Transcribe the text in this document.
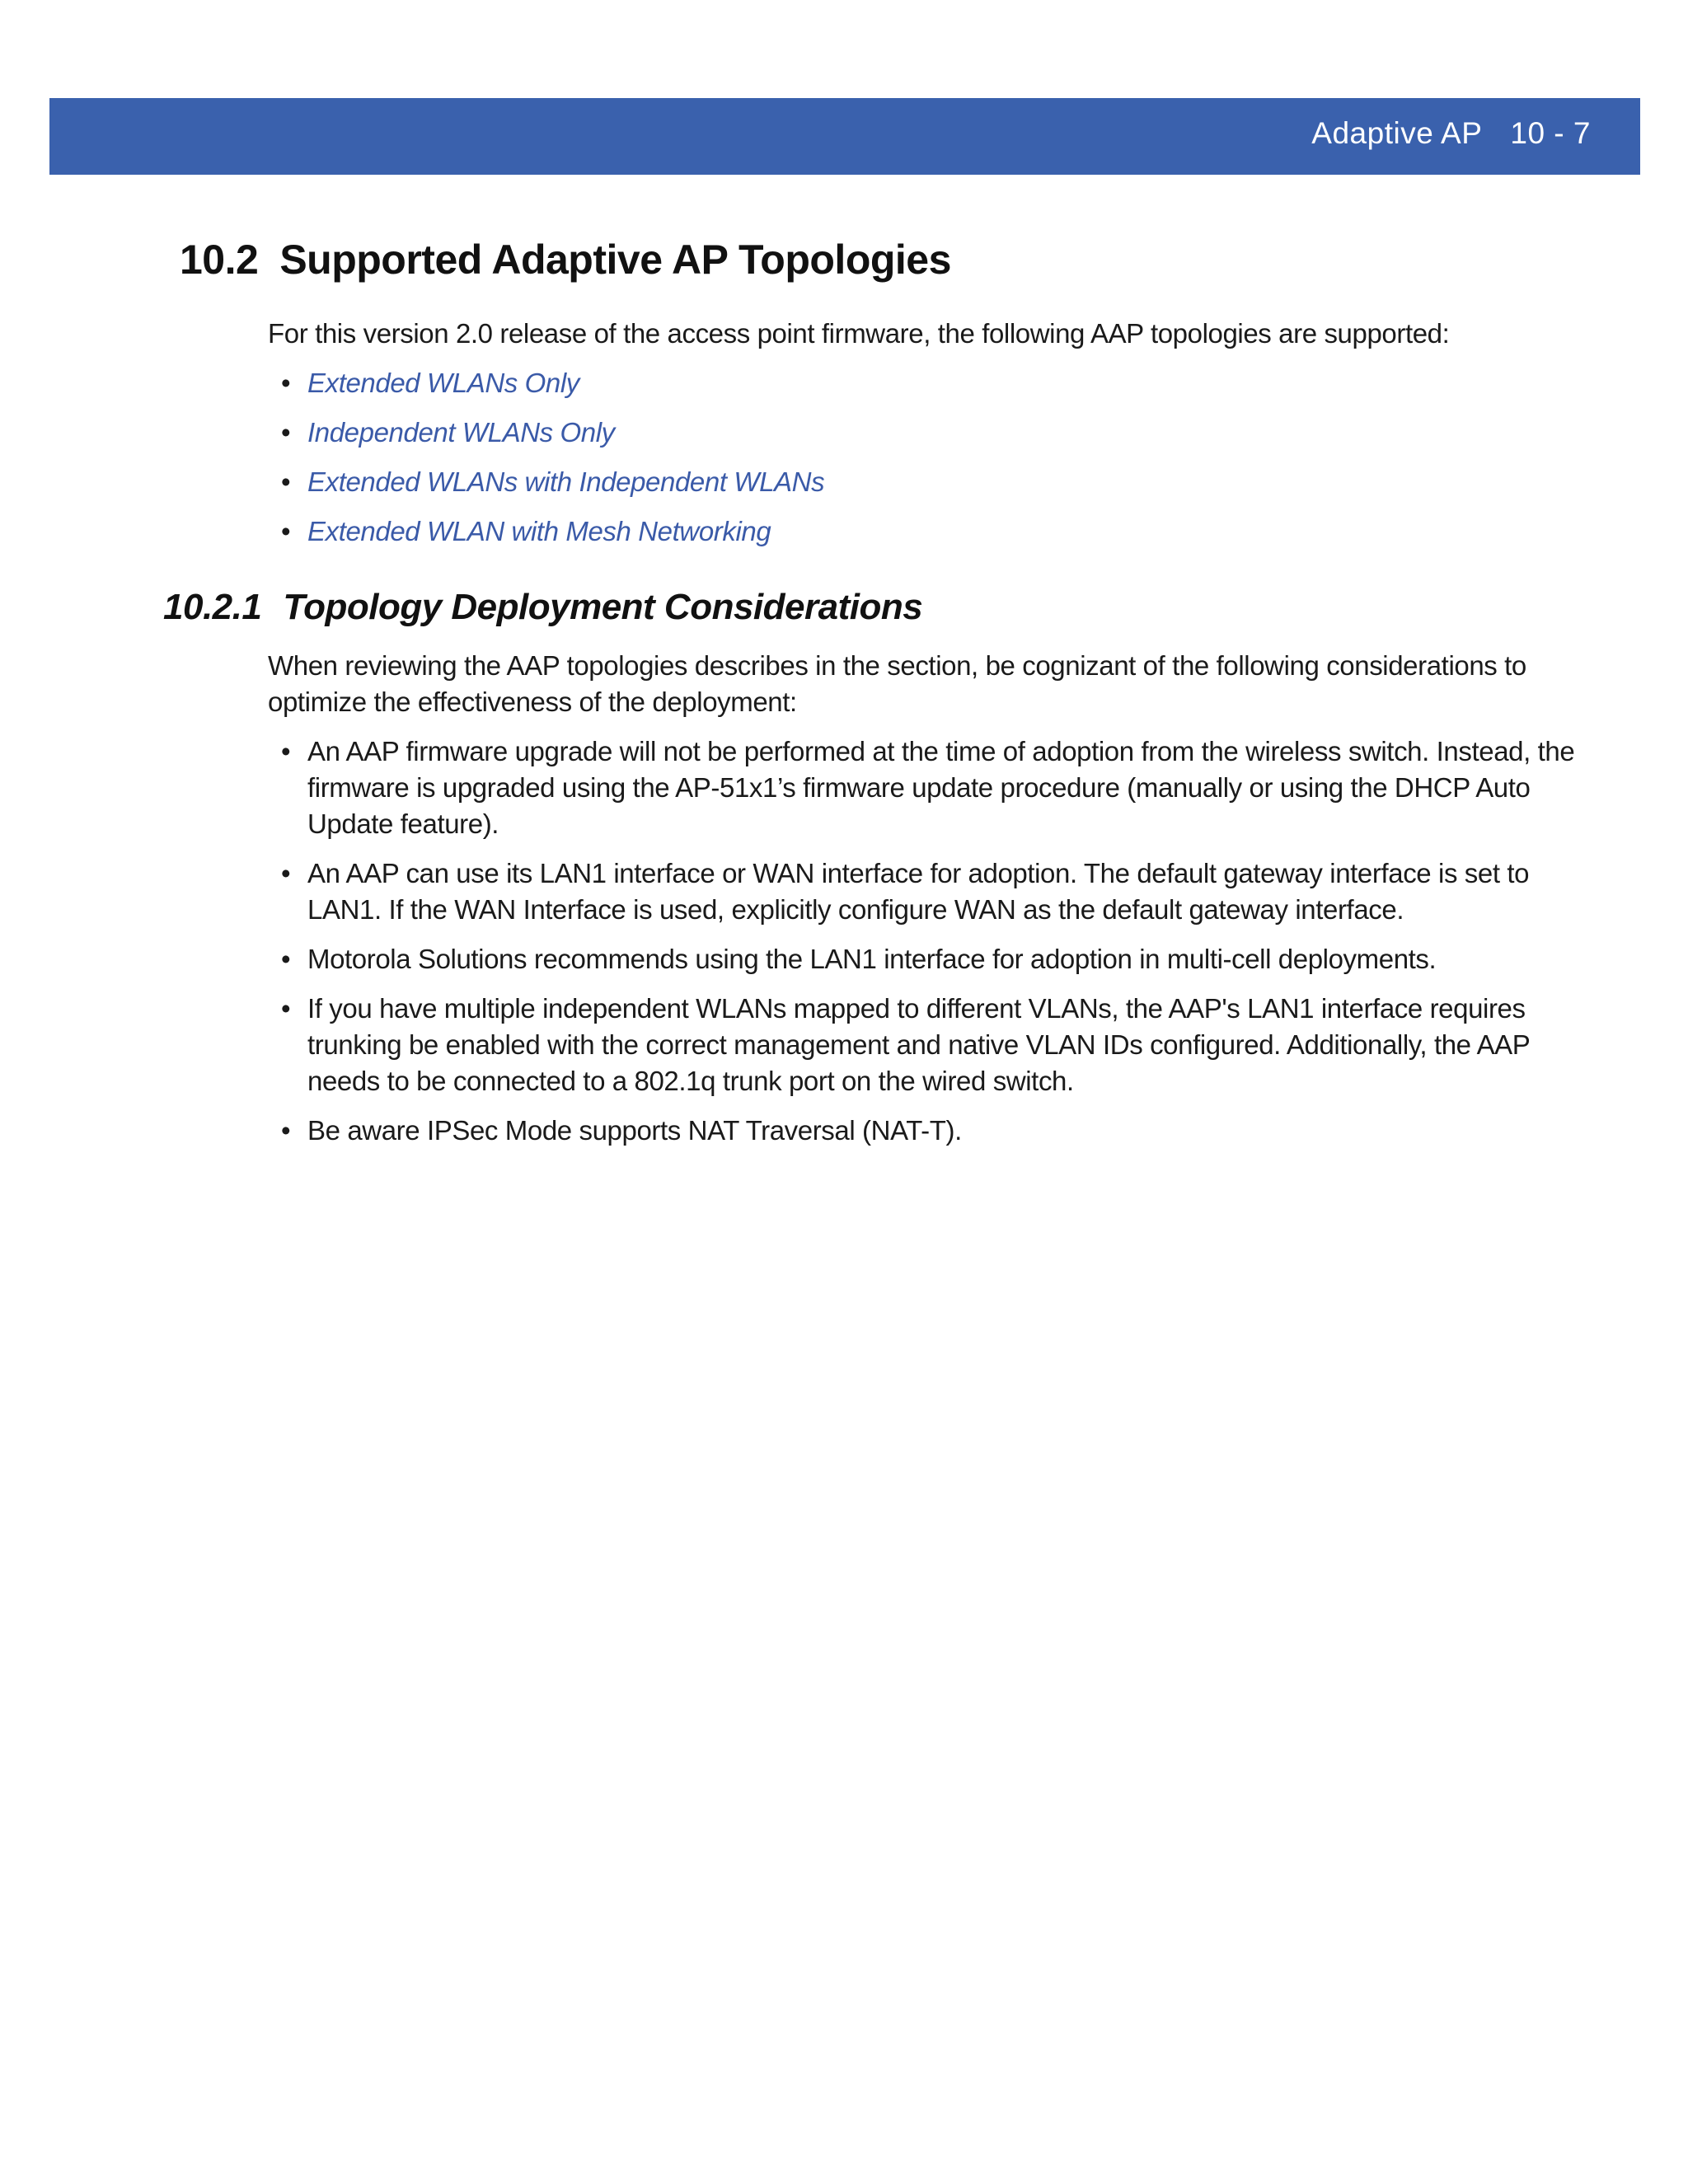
Adaptive AP 10 - 7
10.2 Supported Adaptive AP Topologies
For this version 2.0 release of the access point firmware, the following AAP topologies are supported:
• Extended WLANs Only
• Independent WLANs Only
• Extended WLANs with Independent WLANs
• Extended WLAN with Mesh Networking
10.2.1 Topology Deployment Considerations
When reviewing the AAP topologies describes in the section, be cognizant of the following considerations to optimize the effectiveness of the deployment:
• An AAP firmware upgrade will not be performed at the time of adoption from the wireless switch. Instead, the firmware is upgraded using the AP-51x1’s firmware update procedure (manually or using the DHCP Auto Update feature).
• An AAP can use its LAN1 interface or WAN interface for adoption. The default gateway interface is set to LAN1. If the WAN Interface is used, explicitly configure WAN as the default gateway interface.
• Motorola Solutions recommends using the LAN1 interface for adoption in multi-cell deployments.
• If you have multiple independent WLANs mapped to different VLANs, the AAP's LAN1 interface requires trunking be enabled with the correct management and native VLAN IDs configured. Additionally, the AAP needs to be connected to a 802.1q trunk port on the wired switch.
• Be aware IPSec Mode supports NAT Traversal (NAT-T).
